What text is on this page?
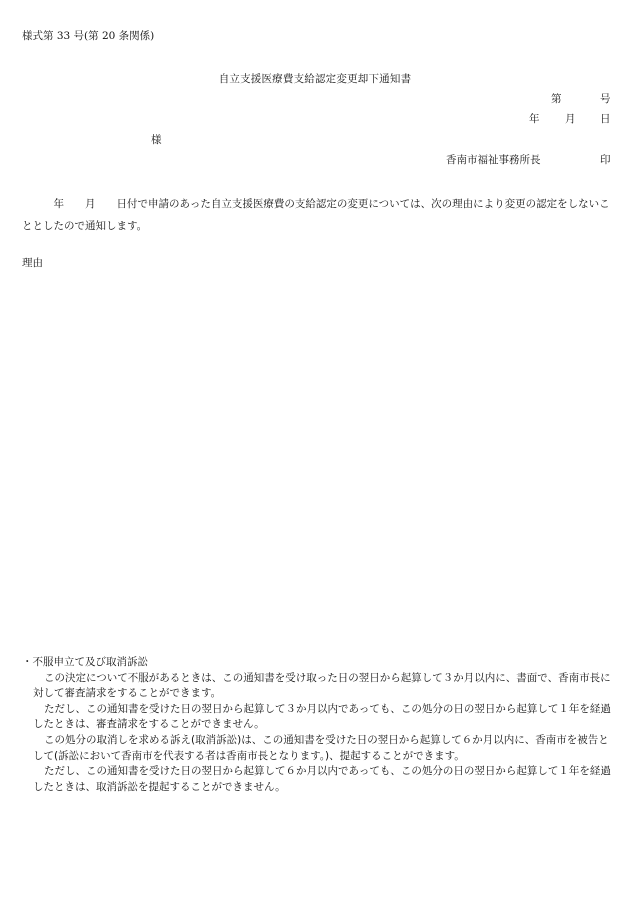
様式第 33 号(第 20 条関係)
自立支援医療費支給認定変更却下通知書
第	号
年 月 日
様
香南市福祉事務所長	印
　　　年　　月　　日付で申請のあった自立支援医療費の支給認定の変更については、次の理由により変更の認定をしないこととしたので通知します。
理由

・不服申立て及び取消訴訟

この決定について不服があるときは、この通知書を受け取った日の翌日から起算して３か月以内に、書面で、香南市長に対して審査請求をすることができます。

ただし、この通知書を受けた日の翌日から起算して３か月以内であっても、この処分の日の翌日から起算して１年を経過したときは、審査請求をすることができません。

この処分の取消しを求める訴え(取消訴訟)は、この通知書を受けた日の翌日から起算して６か月以内に、香南市を被告として(訴訟において香南市を代表する者は香南市長となります。)、提起することができます。

ただし、この通知書を受けた日の翌日から起算して６か月以内であっても、この処分の日の翌日から起算して１年を経過したときは、取消訴訟を提起することができません。
